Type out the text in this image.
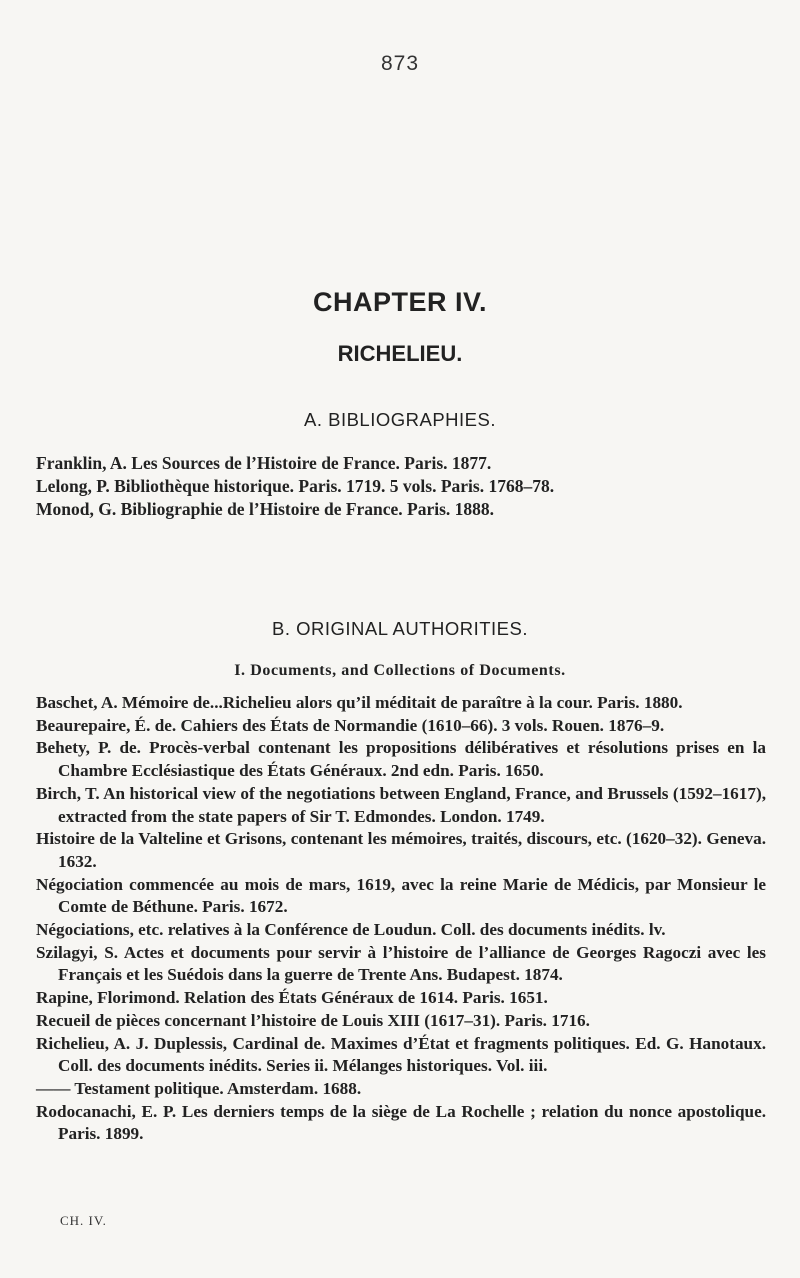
873
CHAPTER IV.
RICHELIEU.
A. BIBLIOGRAPHIES.
Franklin, A. Les Sources de l’Histoire de France. Paris. 1877.
Lelong, P. Bibliothèque historique. Paris. 1719. 5 vols. Paris. 1768–78.
Monod, G. Bibliographie de l’Histoire de France. Paris. 1888.
B. ORIGINAL AUTHORITIES.
I. Documents, and Collections of Documents.
Baschet, A. Mémoire de...Richelieu alors qu’il méditait de paraître à la cour. Paris. 1880.
Beaurepaire, É. de. Cahiers des États de Normandie (1610–66). 3 vols. Rouen. 1876–9.
Behety, P. de. Procès-verbal contenant les propositions délibératives et résolutions prises en la Chambre Ecclésiastique des États Généraux. 2nd edn. Paris. 1650.
Birch, T. An historical view of the negotiations between England, France, and Brussels (1592–1617), extracted from the state papers of Sir T. Edmondes. London. 1749.
Histoire de la Valteline et Grisons, contenant les mémoires, traités, discours, etc. (1620–32). Geneva. 1632.
Négociation commencée au mois de mars, 1619, avec la reine Marie de Médicis, par Monsieur le Comte de Béthune. Paris. 1672.
Négociations, etc. relatives à la Conférence de Loudun. Coll. des documents inédits. lv.
Szilagyi, S. Actes et documents pour servir à l’histoire de l’alliance de Georges Ragoczi avec les Français et les Suédois dans la guerre de Trente Ans. Budapest. 1874.
Rapine, Florimond. Relation des États Généraux de 1614. Paris. 1651.
Recueil de pièces concernant l’histoire de Louis XIII (1617–31). Paris. 1716.
Richelieu, A. J. Duplessis, Cardinal de. Maximes d’État et fragments politiques. Ed. G. Hanotaux. Coll. des documents inédits. Series ii. Mélanges historiques. Vol. iii.
—— Testament politique. Amsterdam. 1688.
Rodocanachi, E. P. Les derniers temps de la siège de La Rochelle ; relation du nonce apostolique. Paris. 1899.
CH. IV.
